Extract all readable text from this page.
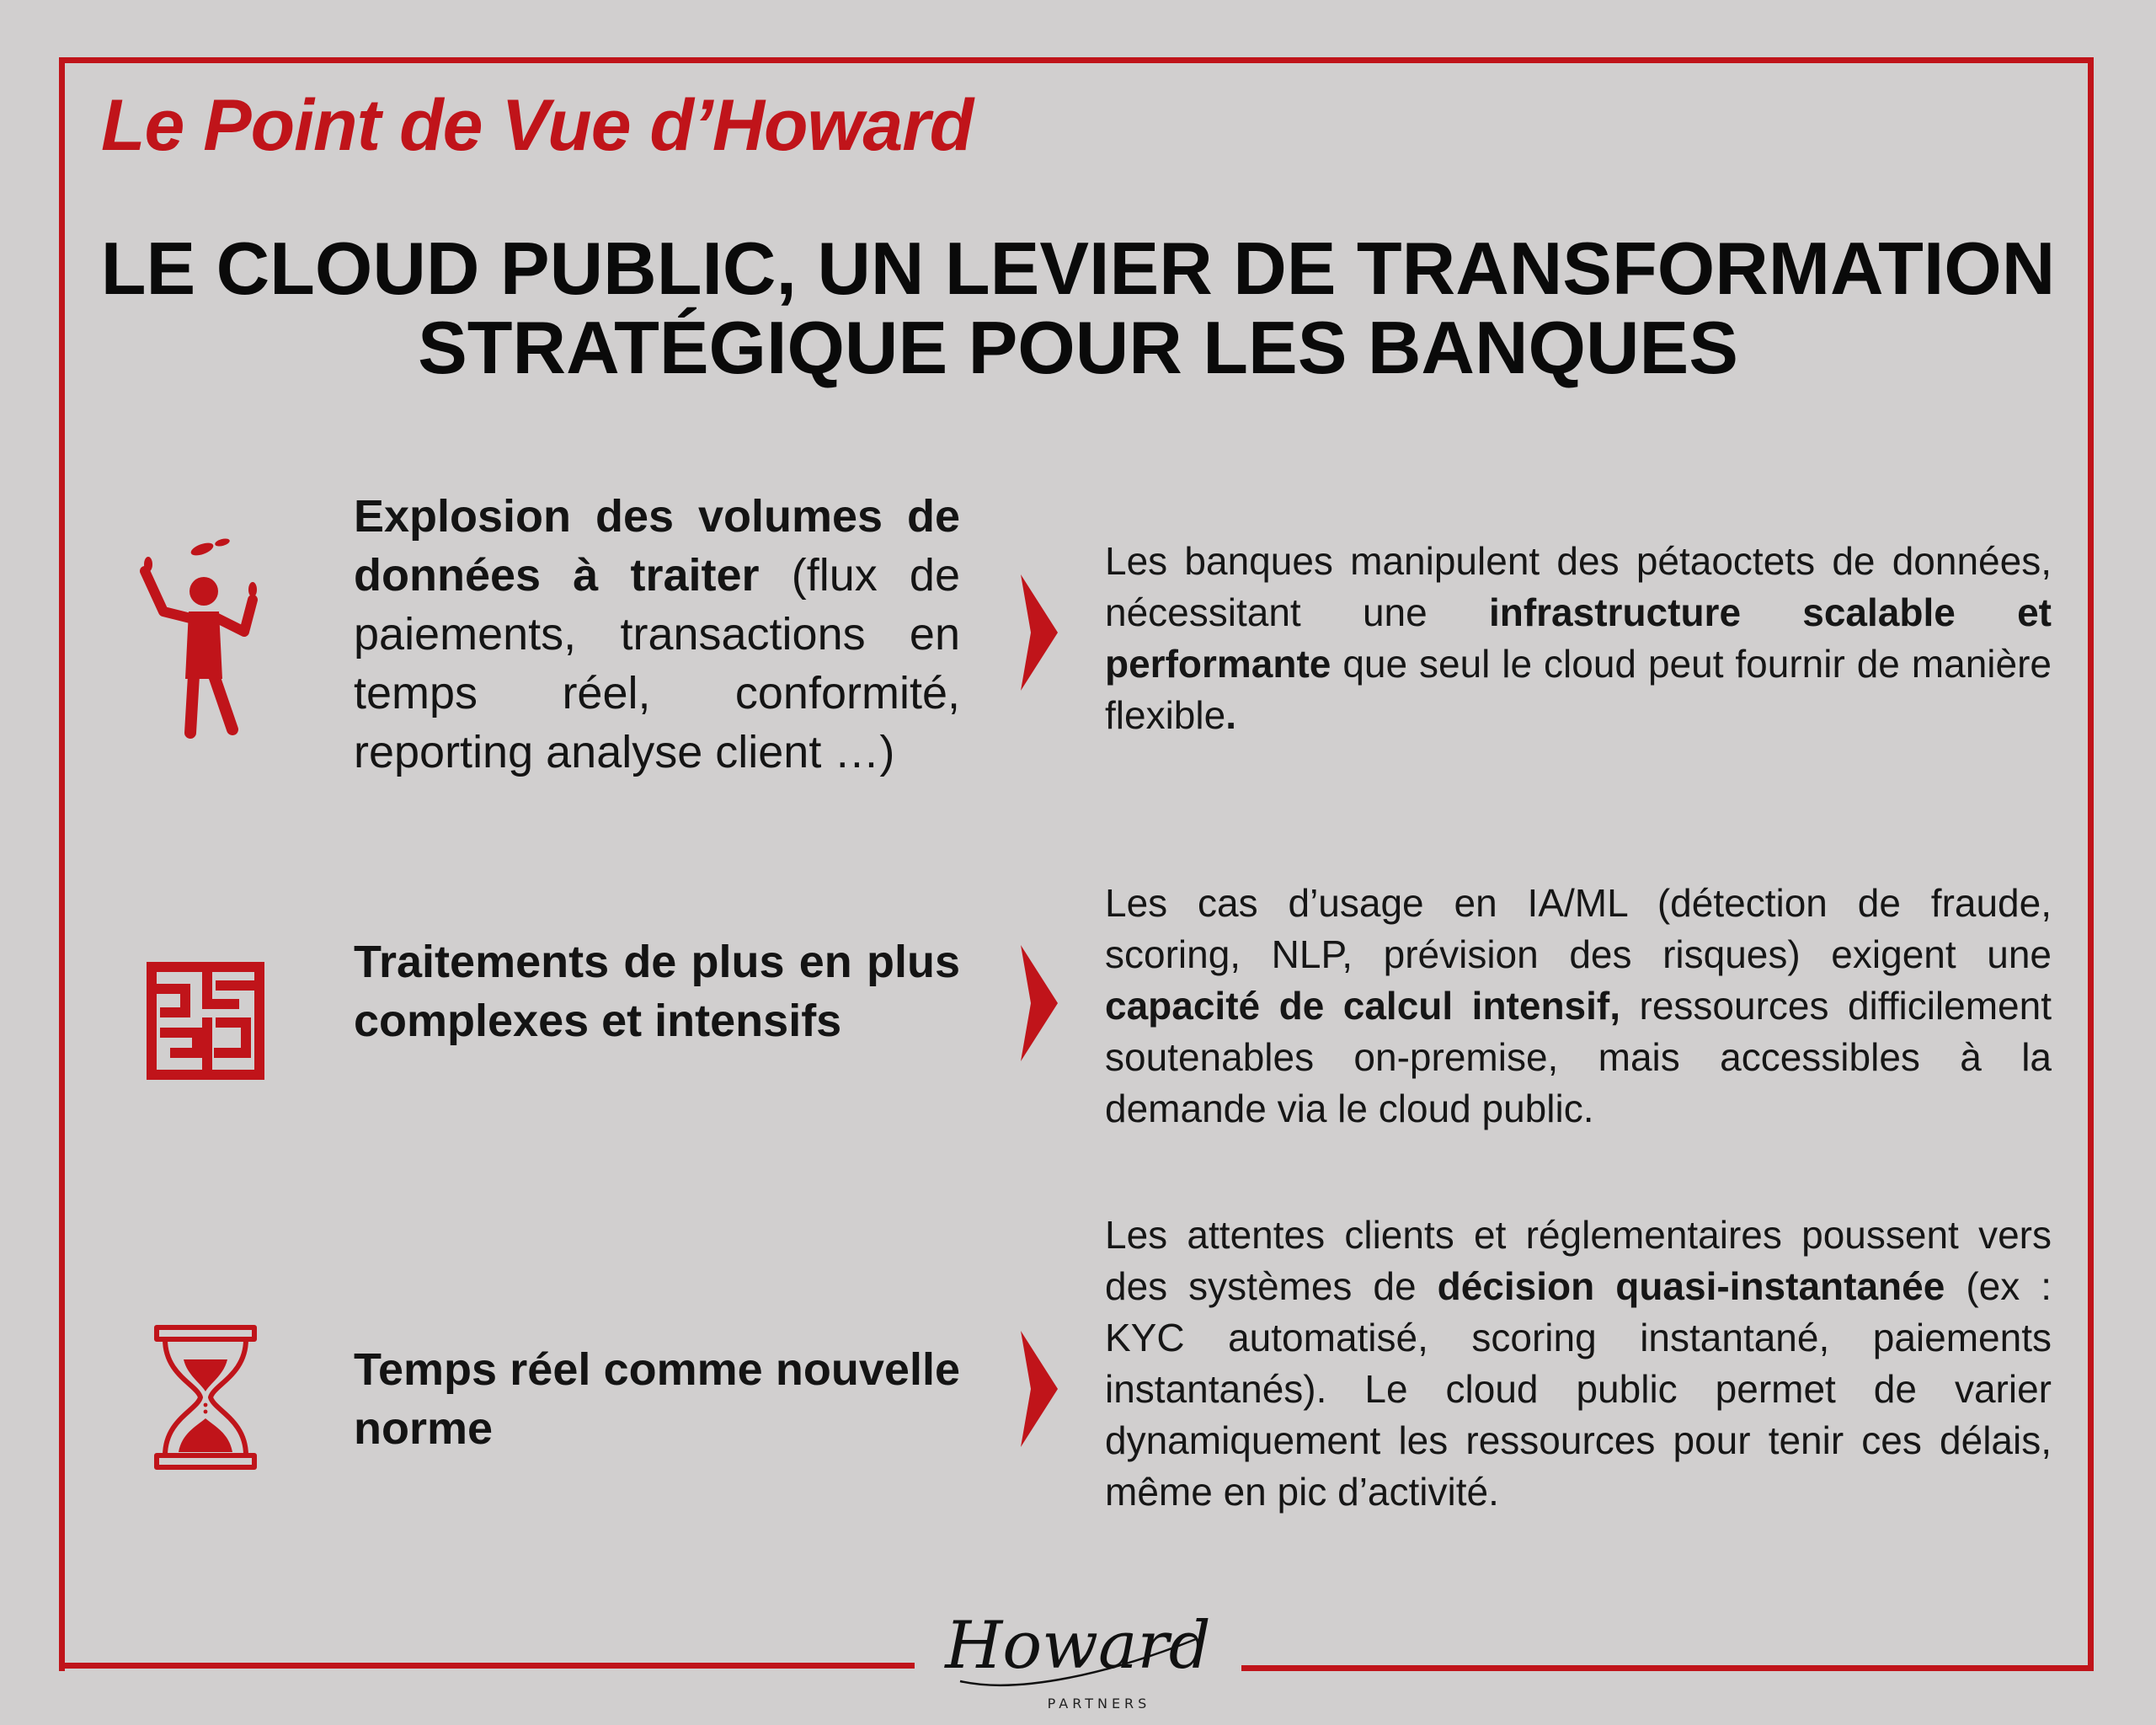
Le Point de Vue d’Howard
LE CLOUD PUBLIC, UN LEVIER DE TRANSFORMATION
STRATÉGIQUE POUR LES BANQUES
Explosion des volumes de données à traiter (flux de paiements, transactions en temps réel, conformité, reporting analyse client …)
Les banques manipulent des pétaoctets de données, nécessitant une infrastructure scalable et performante que seul le cloud peut fournir de manière flexible.
Traitements de plus en plus complexes et intensifs
Les cas d’usage en IA/ML (détection de fraude, scoring, NLP, prévision des risques) exigent une capacité de calcul intensif, ressources difficilement soutenables on-premise, mais accessibles à la demande via le cloud public.
Temps réel comme nouvelle norme
Les attentes clients et réglementaires poussent vers des systèmes de décision quasi-instantanée (ex : KYC automatisé, scoring instantané, paiements instantanés). Le cloud public permet de varier dynamiquement les ressources pour tenir ces délais, même en pic d’activité.
Howard
PARTNERS
